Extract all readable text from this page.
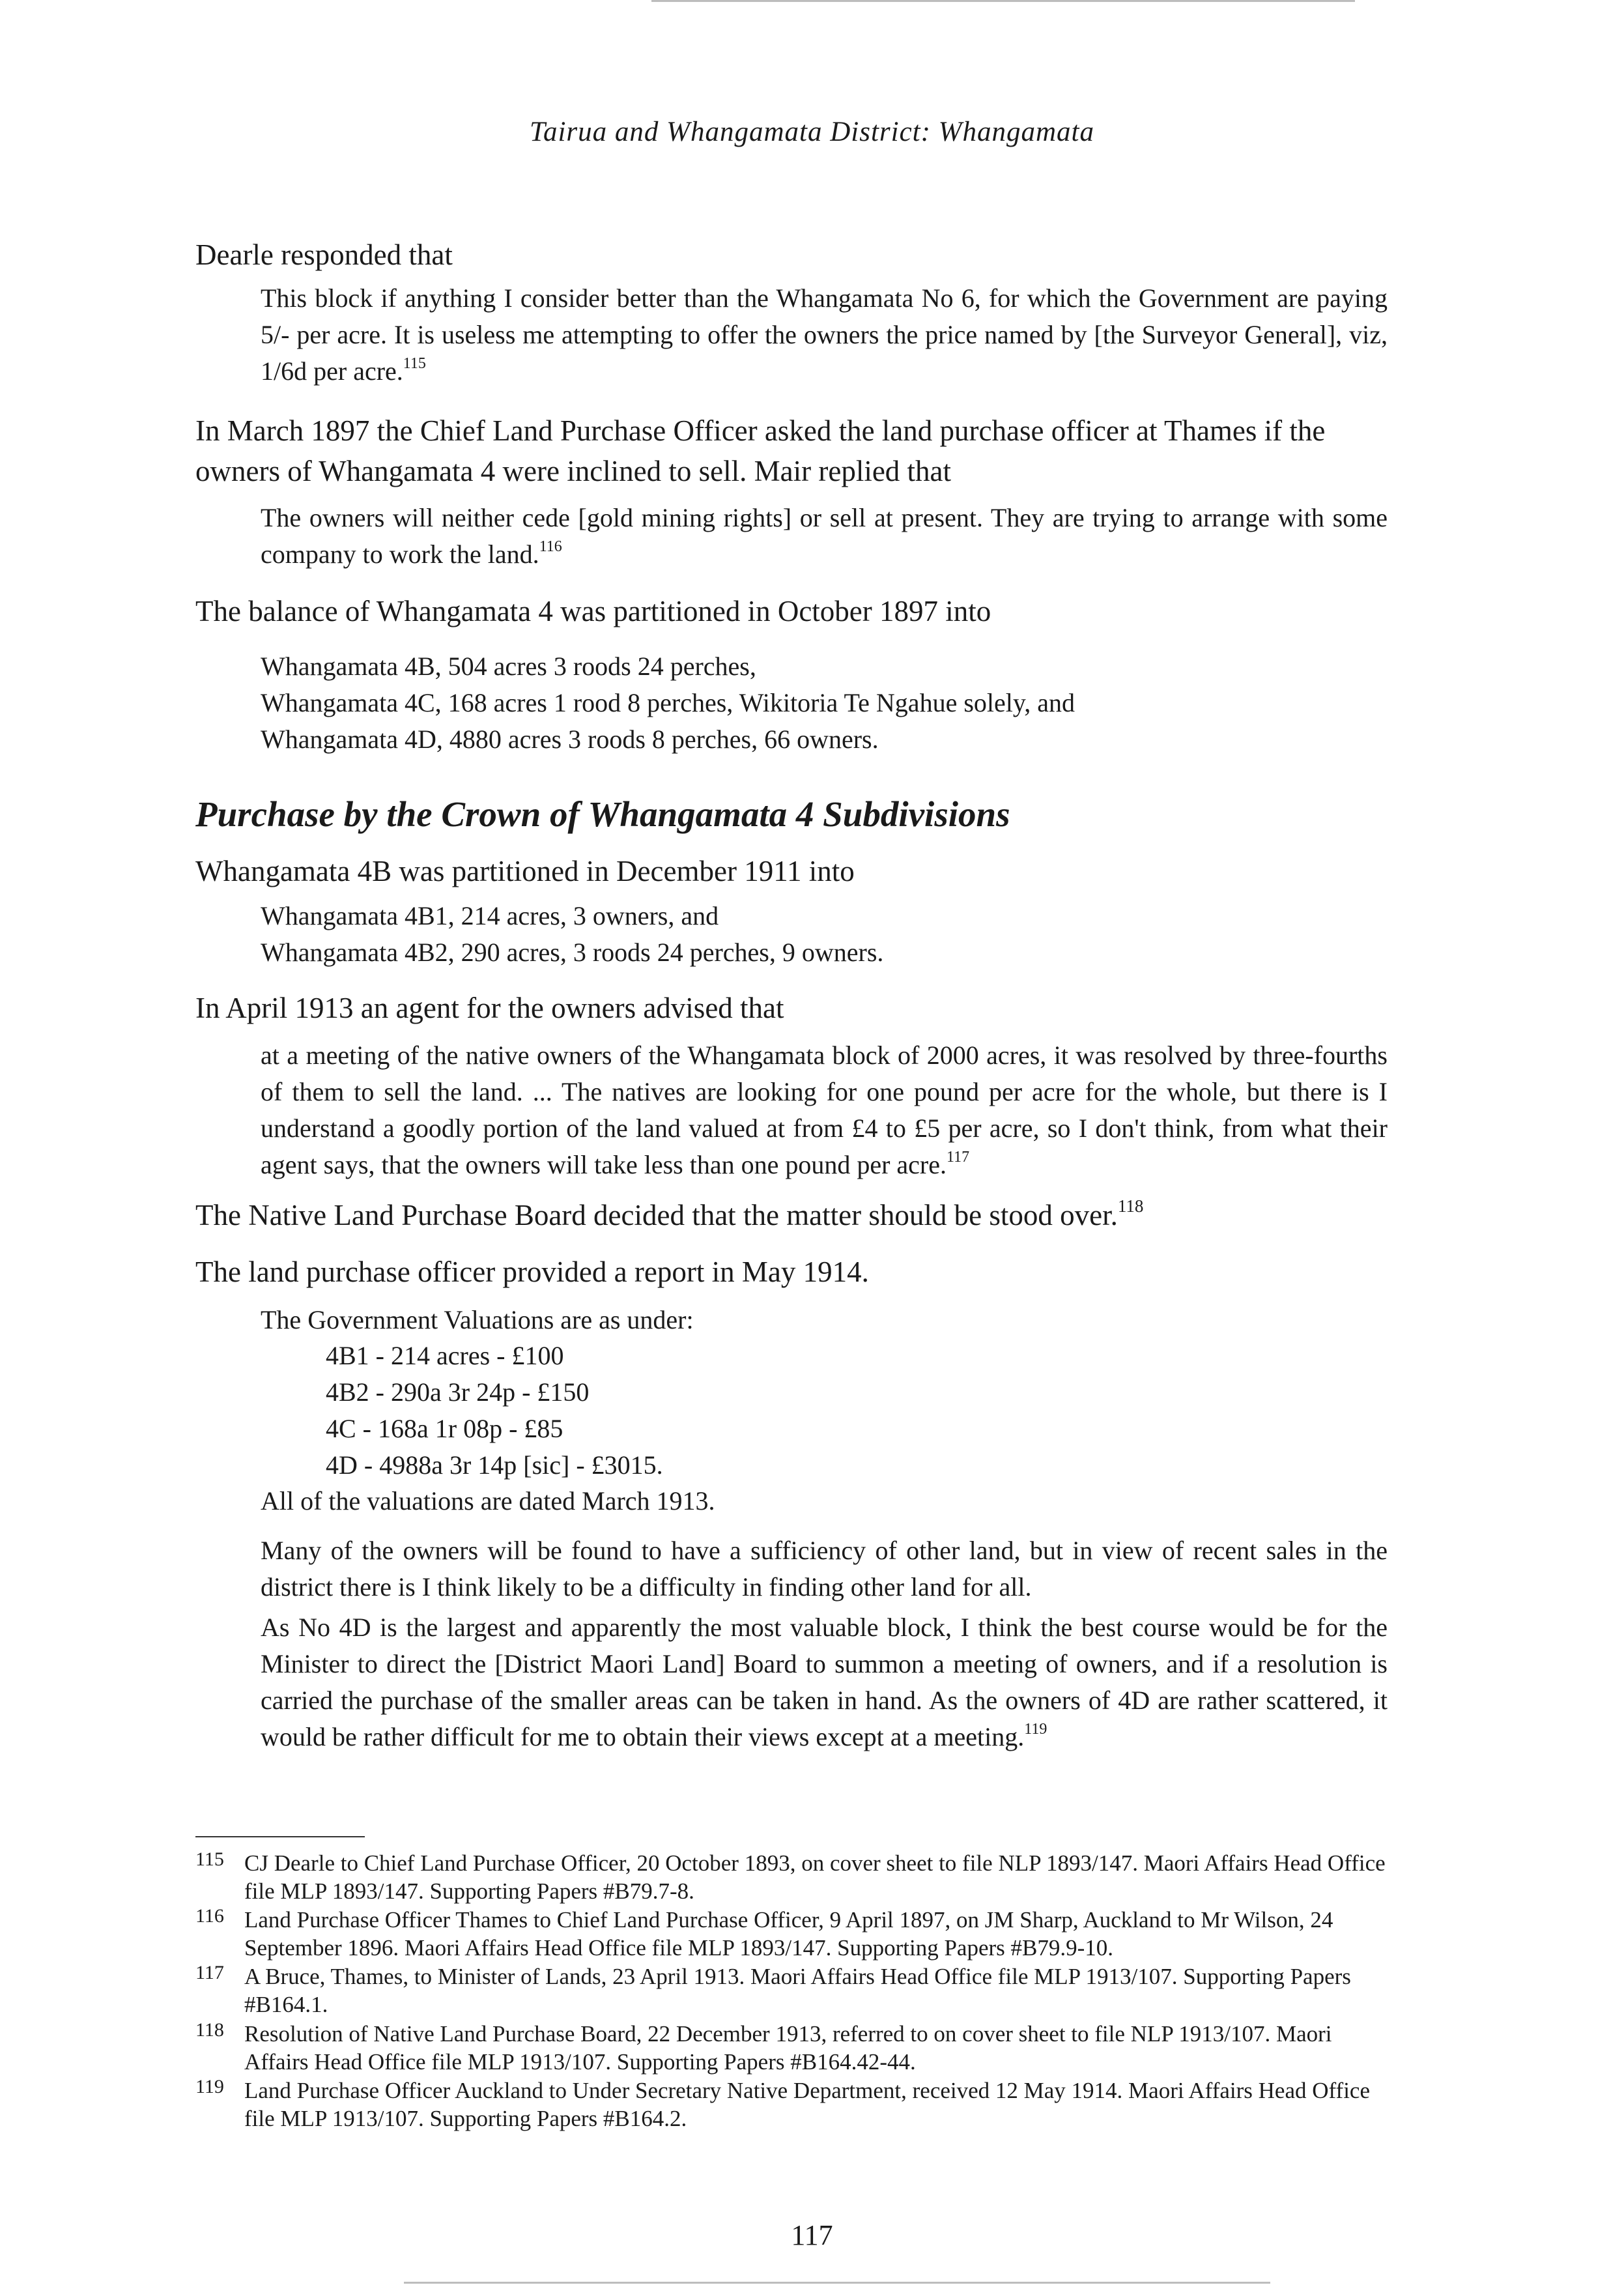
Tairua and Whangamata District: Whangamata
Dearle responded that
This block if anything I consider better than the Whangamata No 6, for which the Government are paying 5/- per acre. It is useless me attempting to offer the owners the price named by [the Surveyor General], viz, 1/6d per acre.$^{115}$
In March 1897 the Chief Land Purchase Officer asked the land purchase officer at Thames if the owners of Whangamata 4 were inclined to sell. Mair replied that
The owners will neither cede [gold mining rights] or sell at present. They are trying to arrange with some company to work the land.$^{116}$
The balance of Whangamata 4 was partitioned in October 1897 into
Whangamata 4B, 504 acres 3 roods 24 perches,
Whangamata 4C, 168 acres 1 rood 8 perches, Wikitoria Te Ngahue solely, and
Whangamata 4D, 4880 acres 3 roods 8 perches, 66 owners.
Purchase by the Crown of Whangamata 4 Subdivisions
Whangamata 4B was partitioned in December 1911 into
Whangamata 4B1, 214 acres, 3 owners, and
Whangamata 4B2, 290 acres, 3 roods 24 perches, 9 owners.
In April 1913 an agent for the owners advised that
at a meeting of the native owners of the Whangamata block of 2000 acres, it was resolved by three-fourths of them to sell the land. ... The natives are looking for one pound per acre for the whole, but there is I understand a goodly portion of the land valued at from £4 to £5 per acre, so I don't think, from what their agent says, that the owners will take less than one pound per acre.$^{117}$
The Native Land Purchase Board decided that the matter should be stood over.$^{118}$
The land purchase officer provided a report in May 1914.
The Government Valuations are as under:
4B1 - 214 acres - £100
4B2 - 290a 3r 24p - £150
4C - 168a 1r 08p - £85
4D - 4988a 3r 14p [sic] - £3015.
All of the valuations are dated March 1913.
Many of the owners will be found to have a sufficiency of other land, but in view of recent sales in the district there is I think likely to be a difficulty in finding other land for all.
As No 4D is the largest and apparently the most valuable block, I think the best course would be for the Minister to direct the [District Maori Land] Board to summon a meeting of owners, and if a resolution is carried the purchase of the smaller areas can be taken in hand. As the owners of 4D are rather scattered, it would be rather difficult for me to obtain their views except at a meeting.$^{119}$
115 CJ Dearle to Chief Land Purchase Officer, 20 October 1893, on cover sheet to file NLP 1893/147. Maori Affairs Head Office file MLP 1893/147. Supporting Papers #B79.7-8.
116 Land Purchase Officer Thames to Chief Land Purchase Officer, 9 April 1897, on JM Sharp, Auckland to Mr Wilson, 24 September 1896. Maori Affairs Head Office file MLP 1893/147. Supporting Papers #B79.9-10.
117 A Bruce, Thames, to Minister of Lands, 23 April 1913. Maori Affairs Head Office file MLP 1913/107. Supporting Papers #B164.1.
118 Resolution of Native Land Purchase Board, 22 December 1913, referred to on cover sheet to file NLP 1913/107. Maori Affairs Head Office file MLP 1913/107. Supporting Papers #B164.42-44.
119 Land Purchase Officer Auckland to Under Secretary Native Department, received 12 May 1914. Maori Affairs Head Office file MLP 1913/107. Supporting Papers #B164.2.
117
